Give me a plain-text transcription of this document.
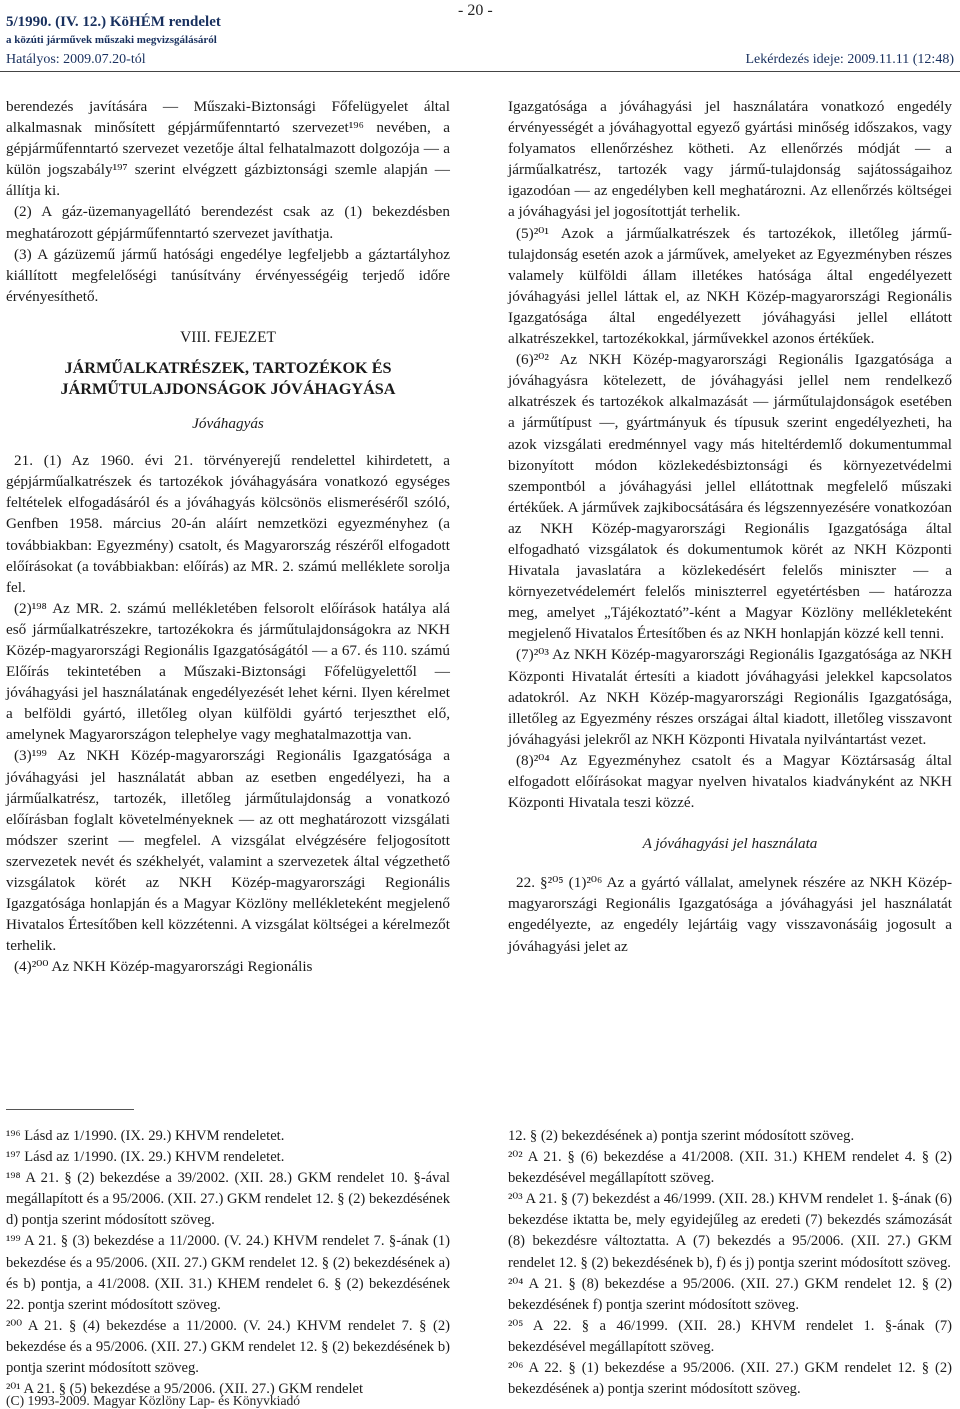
5/1990. (IV. 12.) KöHÉM rendelet
a közúti járművek műszaki megvizsgálásáról
Hatályos: 2009.07.20-tól
- 20 -
Lekérdezés ideje: 2009.11.11 (12:48)

berendezés javítására — Műszaki-Biztonsági Főfelügyelet által alkalmasnak minősített gépjárműfenntartó szervezet¹⁹⁶ nevében, a gépjárműfenntartó szervezet vezetője által felhatalmazott dolgozója — a külön jogszabály¹⁹⁷ szerint elvégzett gázbiztonsági szemle alapján — állítja ki.

(2) A gáz-üzemanyagellátó berendezést csak az (1) bekezdésben meghatározott gépjárműfenntartó szervezet javíthatja.

(3) A gázüzemű jármű hatósági engedélye legfeljebb a gáztartályhoz kiállított megfelelőségi tanúsítvány érvényességéig terjedő időre érvényesíthető.

VIII. FEJEZET

JÁRMŰALKATRÉSZEK, TARTOZÉKOK ÉS JÁRMŰTULAJDONSÁGOK JÓVÁHAGYÁSA

Jóváhagyás

21. (1) Az 1960. évi 21. törvényerejű rendelettel kihirdetett, a gépjárműalkatrészek és tartozékok jóváhagyására vonatkozó egységes feltételek elfogadásáról és a jóváhagyás kölcsönös elismeréséről szóló, Genfben 1958. március 20-án aláírt nemzetközi egyezményhez (a továbbiakban: Egyezmény) csatolt, és Magyarország részéről elfogadott előírásokat (a továbbiakban: előírás) az MR. 2. számú melléklete sorolja fel.

(2)¹⁹⁸ Az MR. 2. számú mellékletében felsorolt előírások hatálya alá eső járműalkatrészekre, tartozékokra és járműtulajdonságokra az NKH Közép-magyarországi Regionális Igazgatóságától — a 67. és 110. számú Előírás tekintetében a Műszaki-Biztonsági Főfelügyelettől — jóváhagyási jel használatának engedélyezését lehet kérni. Ilyen kérelmet a belföldi gyártó, illetőleg olyan külföldi gyártó terjeszthet elő, amelynek Magyarországon telephelye vagy meghatalmazottja van.

(3)¹⁹⁹ Az NKH Közép-magyarországi Regionális Igazgatósága a jóváhagyási jel használatát abban az esetben engedélyezi, ha a járműalkatrész, tartozék, illetőleg járműtulajdonság a vonatkozó előírásban foglalt követelményeknek — az ott meghatározott vizsgálati módszer szerint — megfelel. A vizsgálat elvégzésére feljogosított szervezetek nevét és székhelyét, valamint a szervezetek által végzethető vizsgálatok körét az NKH Közép-magyarországi Regionális Igazgatósága honlapján és a Magyar Közlöny mellékleteként megjelenő Hivatalos Értesítőben kell közzétenni. A vizsgálat költségei a kérelmezőt terhelik.

(4)²⁰⁰ Az NKH Közép-magyarországi Regionális

Igazgatósága a jóváhagyási jel használatára vonatkozó engedély érvényességét a jóváhagyottal egyező gyártási minőség időszakos, vagy folyamatos ellenőrzéshez kötheti. Az ellenőrzés módját — a járműalkatrész, tartozék vagy jármű-tulajdonság sajátosságaihoz igazodóan — az engedélyben kell meghatározni. Az ellenőrzés költségei a jóváhagyási jel jogosítottját terhelik.

(5)²⁰¹ Azok a járműalkatrészek és tartozékok, illetőleg jármű-tulajdonság esetén azok a járművek, amelyeket az Egyezményben részes valamely külföldi állam illetékes hatósága által engedélyezett jóváhagyási jellel láttak el, az NKH Közép-magyarországi Regionális Igazgatósága által engedélyezett jóváhagyási jellel ellátott alkatrészekkel, tartozékokkal, járművekkel azonos értékűek.

(6)²⁰² Az NKH Közép-magyarországi Regionális Igazgatósága a jóváhagyásra kötelezett, de jóváhagyási jellel nem rendelkező alkatrészek és tartozékok alkalmazását — járműtulajdonságok esetében a járműtípust —, gyártmányuk és típusuk szerint engedélyezheti, ha azok vizsgálati eredménnyel vagy más hiteltérdemlő dokumentummal bizonyított módon közlekedésbiztonsági és környezetvédelmi szempontból a jóváhagyási jellel ellátottnak megfelelő műszaki értékűek. A járművek zajkibocsátására és légszennyezésére vonatkozóan az NKH Közép-magyarországi Regionális Igazgatósága által elfogadható vizsgálatok és dokumentumok körét az NKH Központi Hivatala javaslatára a közlekedésért felelős miniszter — a környezetvédelemért felelős miniszterrel egyetértésben — határozza meg, amelyet „Tájékoztató”-ként a Magyar Közlöny mellékleteként megjelenő Hivatalos Értesítőben és az NKH honlapján közzé kell tenni.

(7)²⁰³ Az NKH Közép-magyarországi Regionális Igazgatósága az NKH Központi Hivatalát értesíti a kiadott jóváhagyási jelekkel kapcsolatos adatokról. Az NKH Közép-magyarországi Regionális Igazgatósága, illetőleg az Egyezmény részes országai által kiadott, illetőleg visszavont jóváhagyási jelekről az NKH Központi Hivatala nyilvántartást vezet.

(8)²⁰⁴ Az Egyezményhez csatolt és a Magyar Köztársaság által elfogadott előírásokat magyar nyelven hivatalos kiadványként az NKH Központi Hivatala teszi közzé.

A jóváhagyási jel használata

22. §²⁰⁵ (1)²⁰⁶ Az a gyártó vállalat, amelynek részére az NKH Közép-magyarországi Regionális Igazgatósága a jóváhagyási jel használatát engedélyezte, az engedély lejártáig vagy visszavonásáig jogosult a jóváhagyási jelet az

¹⁹⁶ Lásd az 1/1990. (IX. 29.) KHVM rendeletet.

¹⁹⁷ Lásd az 1/1990. (IX. 29.) KHVM rendeletet.

¹⁹⁸ A 21. § (2) bekezdése a 39/2002. (XII. 28.) GKM rendelet 10. §-ával megállapított és a 95/2006. (XII. 27.) GKM rendelet 12. § (2) bekezdésének d) pontja szerint módosított szöveg.

¹⁹⁹ A 21. § (3) bekezdése a 11/2000. (V. 24.) KHVM rendelet 7. §-ának (1) bekezdése és a 95/2006. (XII. 27.) GKM rendelet 12. § (2) bekezdésének a) és b) pontja, a 41/2008. (XII. 31.) KHEM rendelet 6. § (2) bekezdésének 22. pontja szerint módosított szöveg.

²⁰⁰ A 21. § (4) bekezdése a 11/2000. (V. 24.) KHVM rendelet 7. § (2) bekezdése és a 95/2006. (XII. 27.) GKM rendelet 12. § (2) bekezdésének b) pontja szerint módosított szöveg.

²⁰¹ A 21. § (5) bekezdése a 95/2006. (XII. 27.) GKM rendelet

12. § (2) bekezdésének a) pontja szerint módosított szöveg.

²⁰² A 21. § (6) bekezdése a 41/2008. (XII. 31.) KHEM rendelet 4. § (2) bekezdésével megállapított szöveg.

²⁰³ A 21. § (7) bekezdést a 46/1999. (XII. 28.) KHVM rendelet 1. §-ának (6) bekezdése iktatta be, mely egyidejűleg az eredeti (7) bekezdés számozását (8) bekezdésre változtatta. A (7) bekezdés a 95/2006. (XII. 27.) GKM rendelet 12. § (2) bekezdésének b), f) és j) pontja szerint módosított szöveg.

²⁰⁴ A 21. § (8) bekezdése a 95/2006. (XII. 27.) GKM rendelet 12. § (2) bekezdésének f) pontja szerint módosított szöveg.

²⁰⁵ A 22. § a 46/1999. (XII. 28.) KHVM rendelet 1. §-ának (7) bekezdésével megállapított szöveg.

²⁰⁶ A 22. § (1) bekezdése a 95/2006. (XII. 27.) GKM rendelet 12. § (2) bekezdésének a) pontja szerint módosított szöveg.

(C) 1993-2009. Magyar Közlöny Lap- és Könyvkiadó
